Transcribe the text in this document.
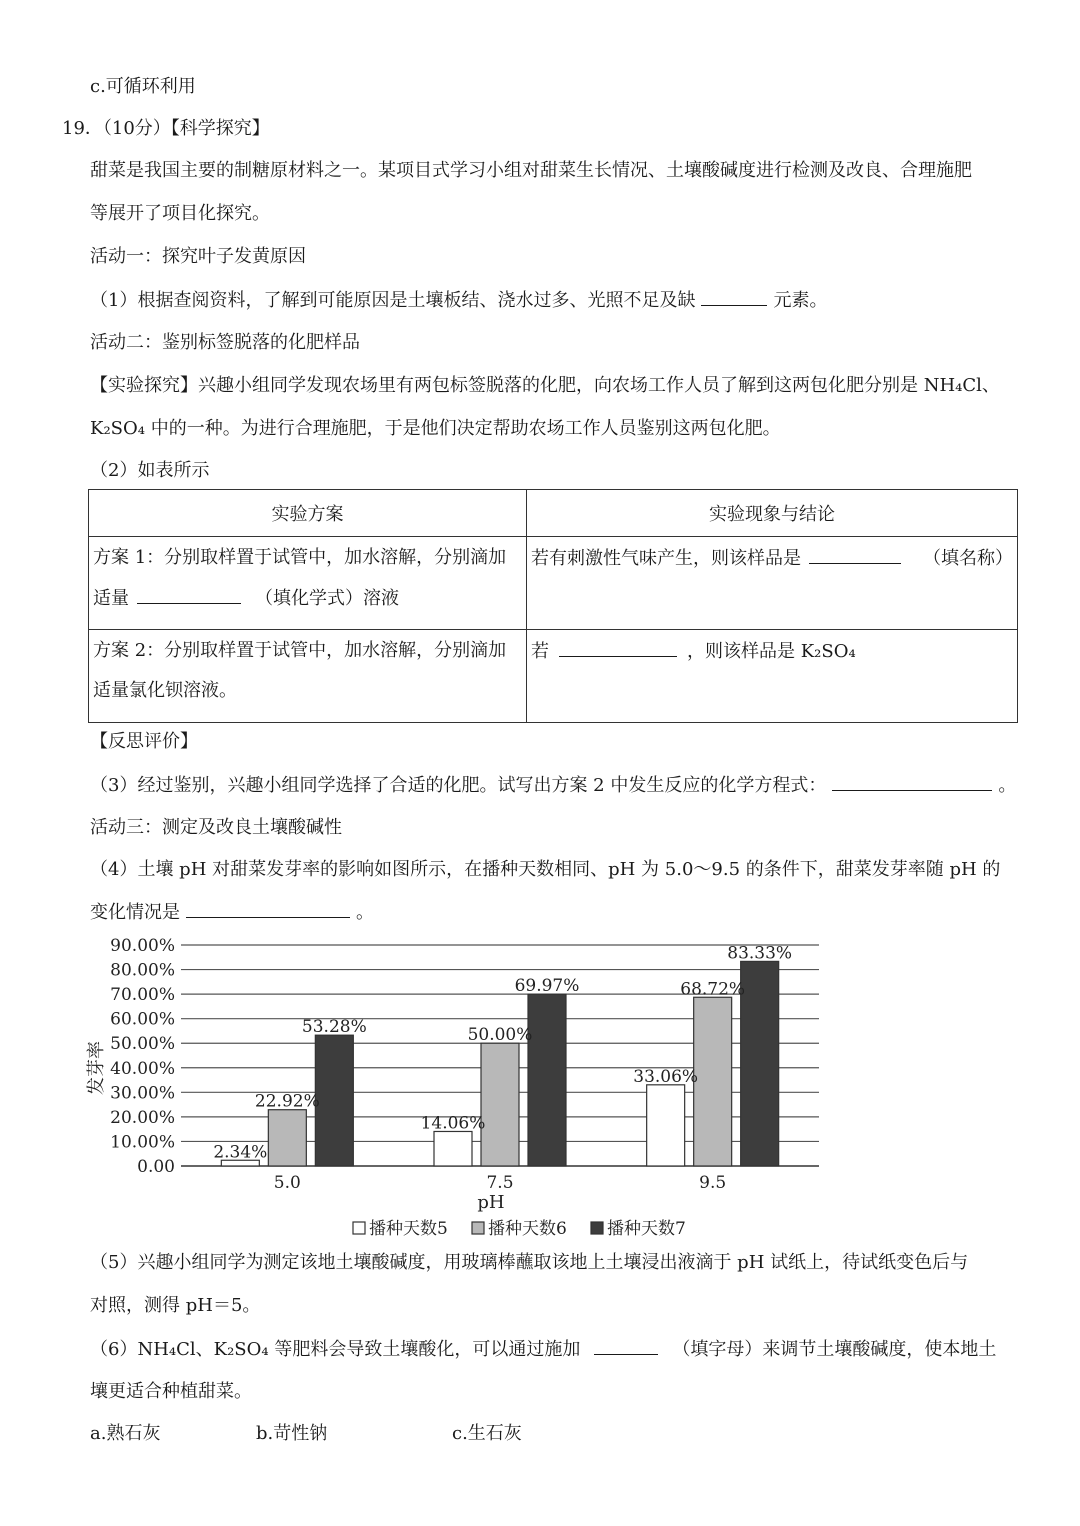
c.可循环利用
19．（10分）【科学探究】
甜菜是我国主要的制糖原材料之一。某项目式学习小组对甜菜生长情况、土壤酸碱度进行检测及改良、合理施肥
等展开了项目化探究。
活动一：探究叶子发黄原因
（1）根据查阅资料，了解到可能原因是土壤板结、浇水过多、光照不足及缺	元素。
活动二：鉴别标签脱落的化肥样品
【实验探究】兴趣小组同学发现农场里有两包标签脱落的化肥，向农场工作人员了解到这两包化肥分别是 NH₄Cl、
K₂SO₄ 中的一种。为进行合理施肥，于是他们决定帮助农场工作人员鉴别这两包化肥。
（2）如表所示
实验方案	实验现象与结论

方案 1：分别取样置于试管中，加水溶解，分别滴加
适量 （填化学式）溶液	若有刺激性气味产生，则该样品是 （填名称）

方案 2：分别取样置于试管中，加水溶解，分别滴加
适量氯化钡溶液。	若 ，则该样品是 K₂SO₄
【反思评价】
（3）经过鉴别，兴趣小组同学选择了合适的化肥。试写出方案 2 中发生反应的化学方程式：	。
活动三：测定及改良土壤酸碱性
（4）土壤 pH 对甜菜发芽率的影响如图所示，在播种天数相同、pH 为 5.0～9.5 的条件下，甜菜发芽率随 pH 的
变化情况是	。
0.00
10.00%
20.00%
30.00%
40.00%
50.00%
60.00%
70.00%
80.00%
90.00%
2.34%
22.92%
53.28%
14.06%
50.00%
69.97%
33.06%
68.72%
83.33%
5.0	7.5	9.5
发芽率
pH
播种天数5 播种天数6 播种天数7
（5）兴趣小组同学为测定该地土壤酸碱度，用玻璃棒蘸取该地上土壤浸出液滴于 pH 试纸上，待试纸变色后与
对照，测得 pH＝5。
（6）NH₄Cl、K₂SO₄ 等肥料会导致土壤酸化，可以通过施加	（填字母）来调节土壤酸碱度，使本地土
壤更适合种植甜菜。
a.熟石灰	b.苛性钠	c.生石灰
